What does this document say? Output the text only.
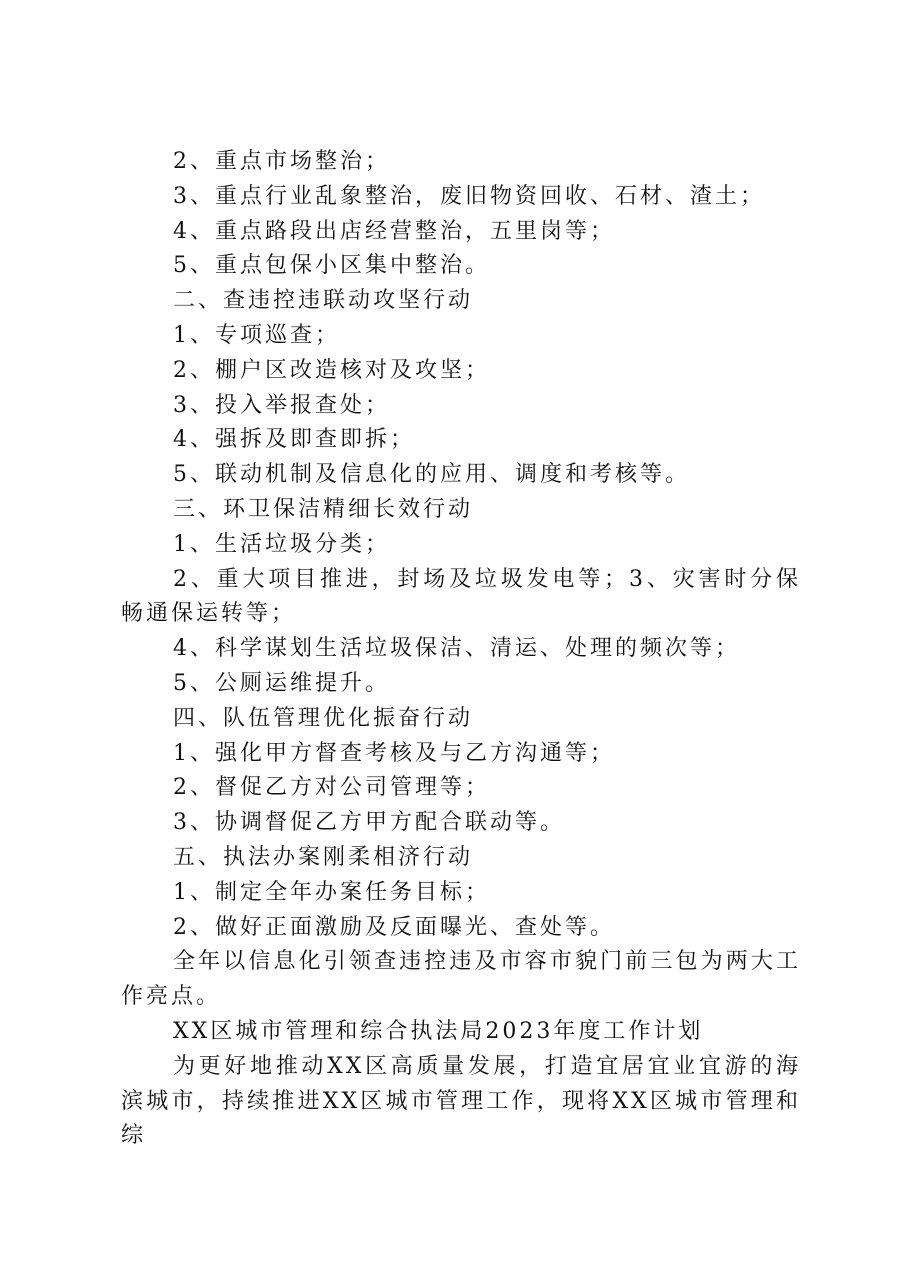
2、重点市场整治；

3、重点行业乱象整治，废旧物资回收、石材、渣土；

4、重点路段出店经营整治，五里岗等；

5、重点包保小区集中整治。

二、查违控违联动攻坚行动

1、专项巡查；

2、棚户区改造核对及攻坚；

3、投入举报查处；

4、强拆及即查即拆；

5、联动机制及信息化的应用、调度和考核等。

三、环卫保洁精细长效行动

1、生活垃圾分类；

2、重大项目推进，封场及垃圾发电等；3、灾害时分保畅通保运转等；

4、科学谋划生活垃圾保洁、清运、处理的频次等；

5、公厕运维提升。

四、队伍管理优化振奋行动

1、强化甲方督查考核及与乙方沟通等；

2、督促乙方对公司管理等；

3、协调督促乙方甲方配合联动等。

五、执法办案刚柔相济行动

1、制定全年办案任务目标；

2、做好正面激励及反面曝光、查处等。

全年以信息化引领查违控违及市容市貌门前三包为两大工作亮点。

XX区城市管理和综合执法局2023年度工作计划

为更好地推动XX区高质量发展，打造宜居宜业宜游的海滨城市，持续推进XX区城市管理工作，现将XX区城市管理和综
